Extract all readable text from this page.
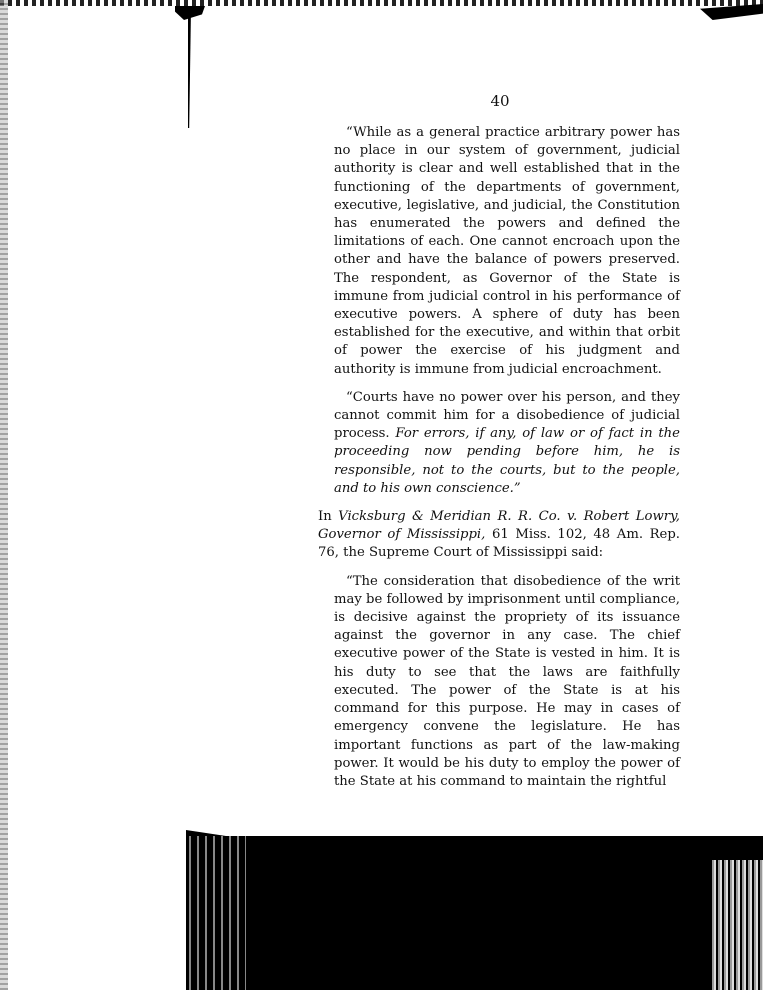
40

“While as a general practice arbitrary power has no place in our system of government, judicial authority is clear and well established that in the functioning of the departments of government, executive, legislative, and judicial, the Constitution has enumerated the powers and defined the limitations of each. One cannot encroach upon the other and have the balance of powers preserved. The respondent, as Governor of the State is immune from judicial control in his performance of executive powers. A sphere of duty has been established for the executive, and within that orbit of power the exercise of his judgment and authority is immune from judicial encroachment.

“Courts have no power over his person, and they cannot commit him for a disobedience of judicial process. For errors, if any, of law or of fact in the proceeding now pending before him, he is responsible, not to the courts, but to the people, and to his own conscience.”

In Vicksburg & Meridian R. R. Co. v. Robert Lowry, Governor of Mississippi, 61 Miss. 102, 48 Am. Rep. 76, the Supreme Court of Mississippi said:

“The consideration that disobedience of the writ may be followed by imprisonment until compliance, is decisive against the propriety of its issuance against the governor in any case. The chief executive power of the State is vested in him. It is his duty to see that the laws are faithfully executed. The power of the State is at his command for this purpose. He may in cases of emergency convene the legislature. He has important functions as part of the law-making power. It would be his duty to employ the power of the State at his command to maintain the rightful
